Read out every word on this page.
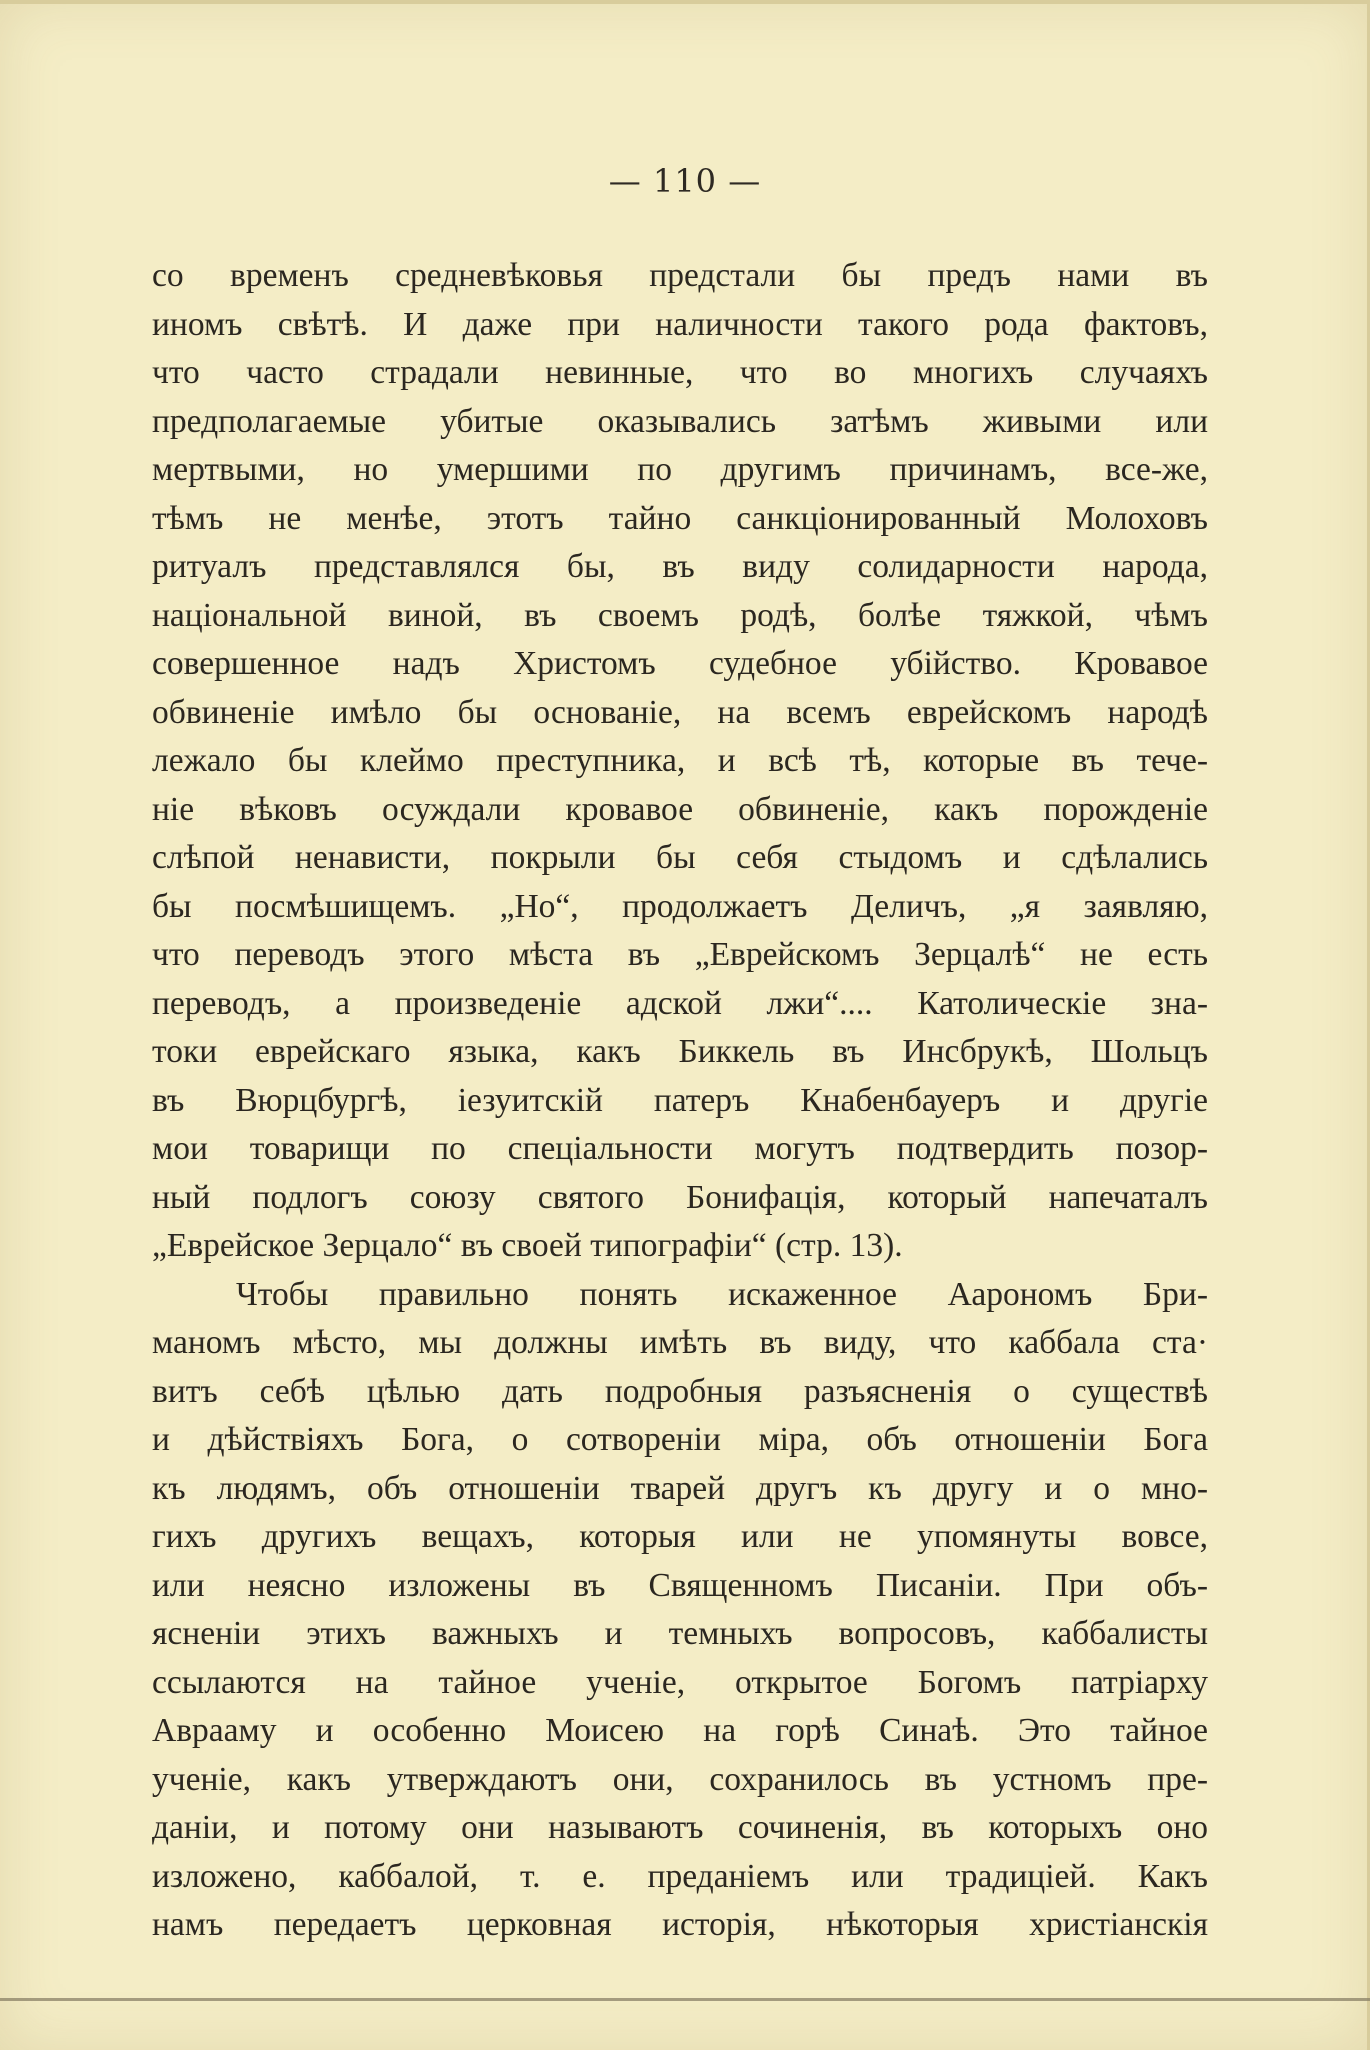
— 110 —
со временъ средневѣковья предстали бы предъ нами въ
иномъ свѣтѣ. И даже при наличности такого рода фактовъ,
что часто страдали невинные, что во многихъ случаяхъ
предполагаемые убитые оказывались затѣмъ живыми или
мертвыми, но умершими по другимъ причинамъ, все-же,
тѣмъ не менѣе, этотъ тайно санкціонированный Молоховъ
ритуалъ представлялся бы, въ виду солидарности народа,
національной виной, въ своемъ родѣ, болѣе тяжкой, чѣмъ
совершенное надъ Христомъ судебное убійство. Кровавое
обвиненіе имѣло бы основаніе, на всемъ еврейскомъ народѣ
лежало бы клеймо преступника, и всѣ тѣ, которые въ тече-
ніе вѣковъ осуждали кровавое обвиненіе, какъ порожденіе
слѣпой ненависти, покрыли бы себя стыдомъ и сдѣлались
бы посмѣшищемъ. „Но“, продолжаетъ Деличъ, „я заявляю,
что переводъ этого мѣста въ „Еврейскомъ Зерцалѣ“ не есть
переводъ, а произведеніе адской лжи“.... Католическіе зна-
токи еврейскаго языка, какъ Биккель въ Инсбрукѣ, Шольцъ
въ Вюрцбургѣ, іезуитскій патеръ Кнабенбауеръ и другіе
мои товарищи по спеціальности могутъ подтвердить позор-
ный подлогъ союзу святого Бонифація, который напечаталъ
„Еврейское Зерцало“ въ своей типографіи“ (стр. 13).
Чтобы правильно понять искаженное Аарономъ Бри-
маномъ мѣсто, мы должны имѣть въ виду, что каббала ста·
витъ себѣ цѣлью дать подробныя разъясненія о существѣ
и дѣйствіяхъ Бога, о сотвореніи міра, объ отношеніи Бога
къ людямъ, объ отношеніи тварей другъ къ другу и о мно-
гихъ другихъ вещахъ, которыя или не упомянуты вовсе,
или неясно изложены въ Священномъ Писаніи. При объ-
ясненіи этихъ важныхъ и темныхъ вопросовъ, каббалисты
ссылаются на тайное ученіе, открытое Богомъ патріарху
Аврааму и особенно Моисею на горѣ Синаѣ. Это тайное
ученіе, какъ утверждаютъ они, сохранилось въ устномъ пре-
даніи, и потому они называютъ сочиненія, въ которыхъ оно
изложено, каббалой, т. е. преданіемъ или традиціей. Какъ
намъ передаетъ церковная исторія, нѣкоторыя христіанскія
